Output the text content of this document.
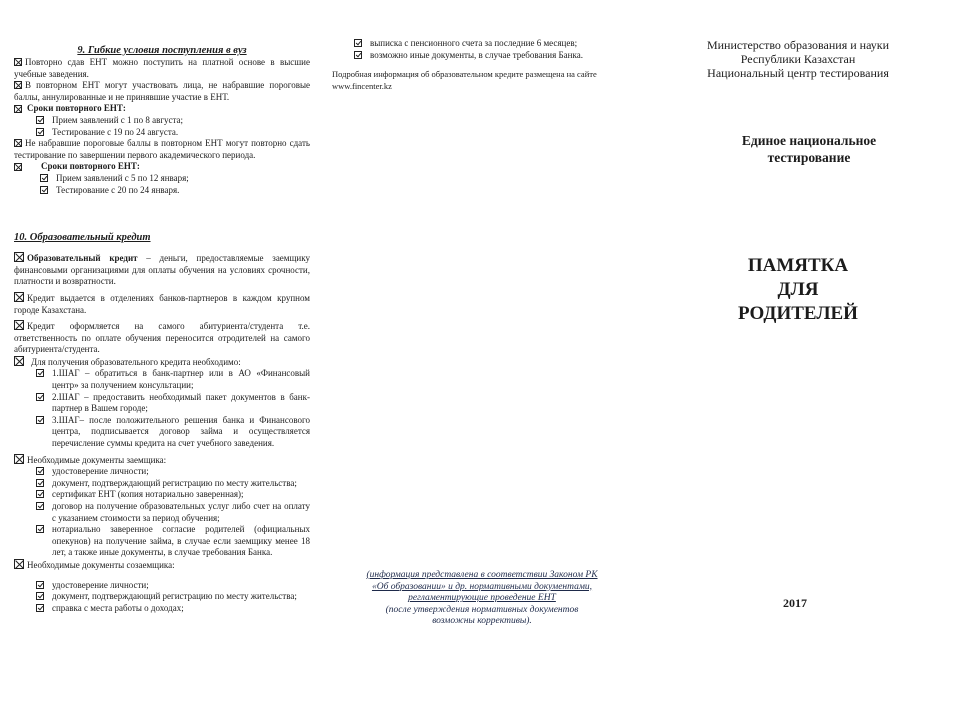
9. Гибкие условия поступления в вуз

Повторно сдав ЕНТ можно поступить на платной основе в высшие учебные заведения.

В повторном ЕНТ могут участвовать лица, не набравшие пороговые баллы, аннулированные и не принявшие участие в ЕНТ.

Сроки повторного ЕНТ:
Прием заявлений с 1 по 8 августа;
Тестирование с 19 по 24 августа.

Не набравшие пороговые баллы в повторном ЕНТ могут повторно сдать тестирование по завершении первого академического периода.

Сроки повторного ЕНТ:
Прием заявлений с 5 по 12 января;
Тестирование с 20 по 24 января.
10. Образовательный кредит

Образовательный кредит – деньги, предоставляемые заемщику финансовыми организациями для оплаты обучения на условиях срочности, платности и возвратности.

Кредит выдается в отделениях банков-партнеров в каждом крупном городе Казахстана.

Кредит оформляется на самого абитуриента/студента т.е. ответственность по оплате обучения переносится отродителей на самого абитуриента/студента.

Для получения образовательного кредита необходимо:

1.ШАГ – обратиться в банк-партнер или в АО «Финансовый центр» за получением консультации;
2.ШАГ – предоставить необходимый пакет документов в банк-партнер в Вашем городе;
3.ШАГ– после положительного решения банка и Финансового центра, подписывается договор займа и осуществляется перечисление суммы кредита на счет учебного заведения.

Необходимые документы заемщика:

удостоверение личности;
документ, подтверждающий регистрацию по месту жительства;
сертификат ЕНТ (копия нотариально заверенная);
договор на получение образовательных услуг либо счет на оплату с указанием стоимости за период обучения;
нотариально заверенное согласие родителей (официальных опекунов) на получение займа, в случае если заемщику менее 18 лет, а также иные документы, в случае требования Банка.

Необходимые документы созаемщика:

удостоверение личности;
документ, подтверждающий регистрацию по месту жительства;
справка с места работы о доходах;
выписка с пенсионного счета за последние 6 месяцев;
возможно иные документы, в случае требования Банка.

Подробная информация об образовательном кредите размещена на сайте

www.fincenter.kz

(информация представлена в соответствии Законом РК
«Об образовании» и др. нормативными документами,
регламентирующие проведение ЕНТ
(после утверждения нормативных документов
возможны коррективы).
Министерство образования и науки
Республики Казахстан
Национальный центр тестирования
Единое национальное
тестирование
ПАМЯТКА
ДЛЯ
РОДИТЕЛЕЙ
2017
